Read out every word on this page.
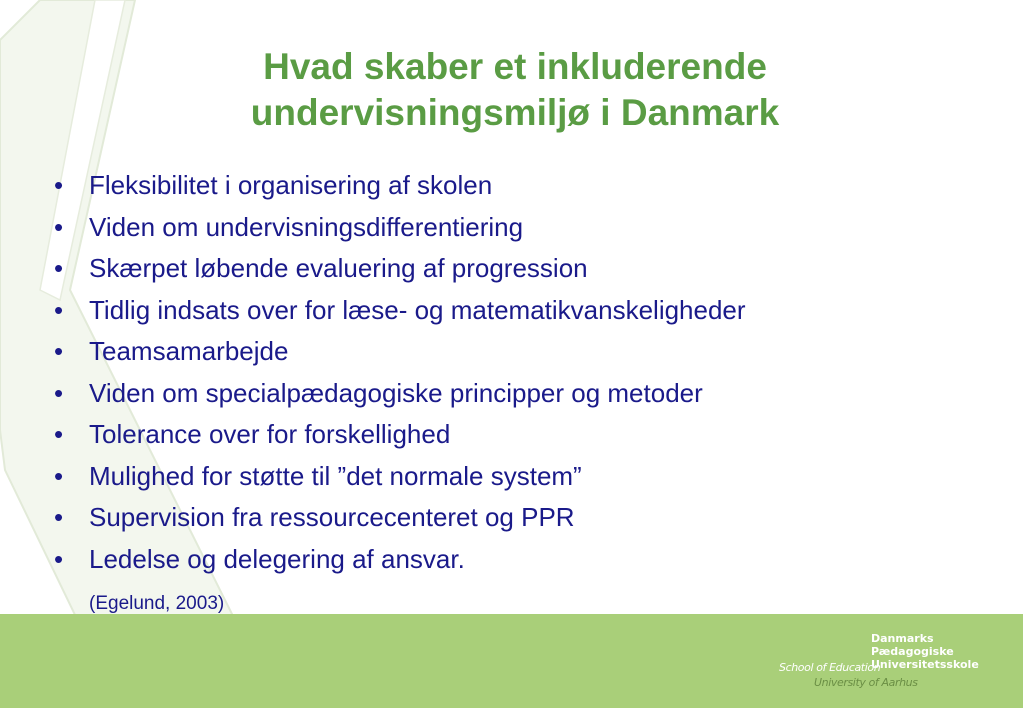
Hvad skaber et inkluderende
undervisningsmiljø i Danmark
• Fleksibilitet i organisering af skolen
• Viden om undervisningsdifferentiering
• Skærpet løbende evaluering af progression
• Tidlig indsats over for læse- og matematikvanskeligheder
• Teamsamarbejde
• Viden om specialpædagogiske principper og metoder
• Tolerance over for forskellighed
• Mulighed for støtte til ”det normale system”
• Supervision fra ressourcecenteret og PPR
• Ledelse og delegering af ansvar.
(Egelund, 2003)
Danmarks
Pædagogiske
Universitetsskole
School of Education
University of Aarhus
